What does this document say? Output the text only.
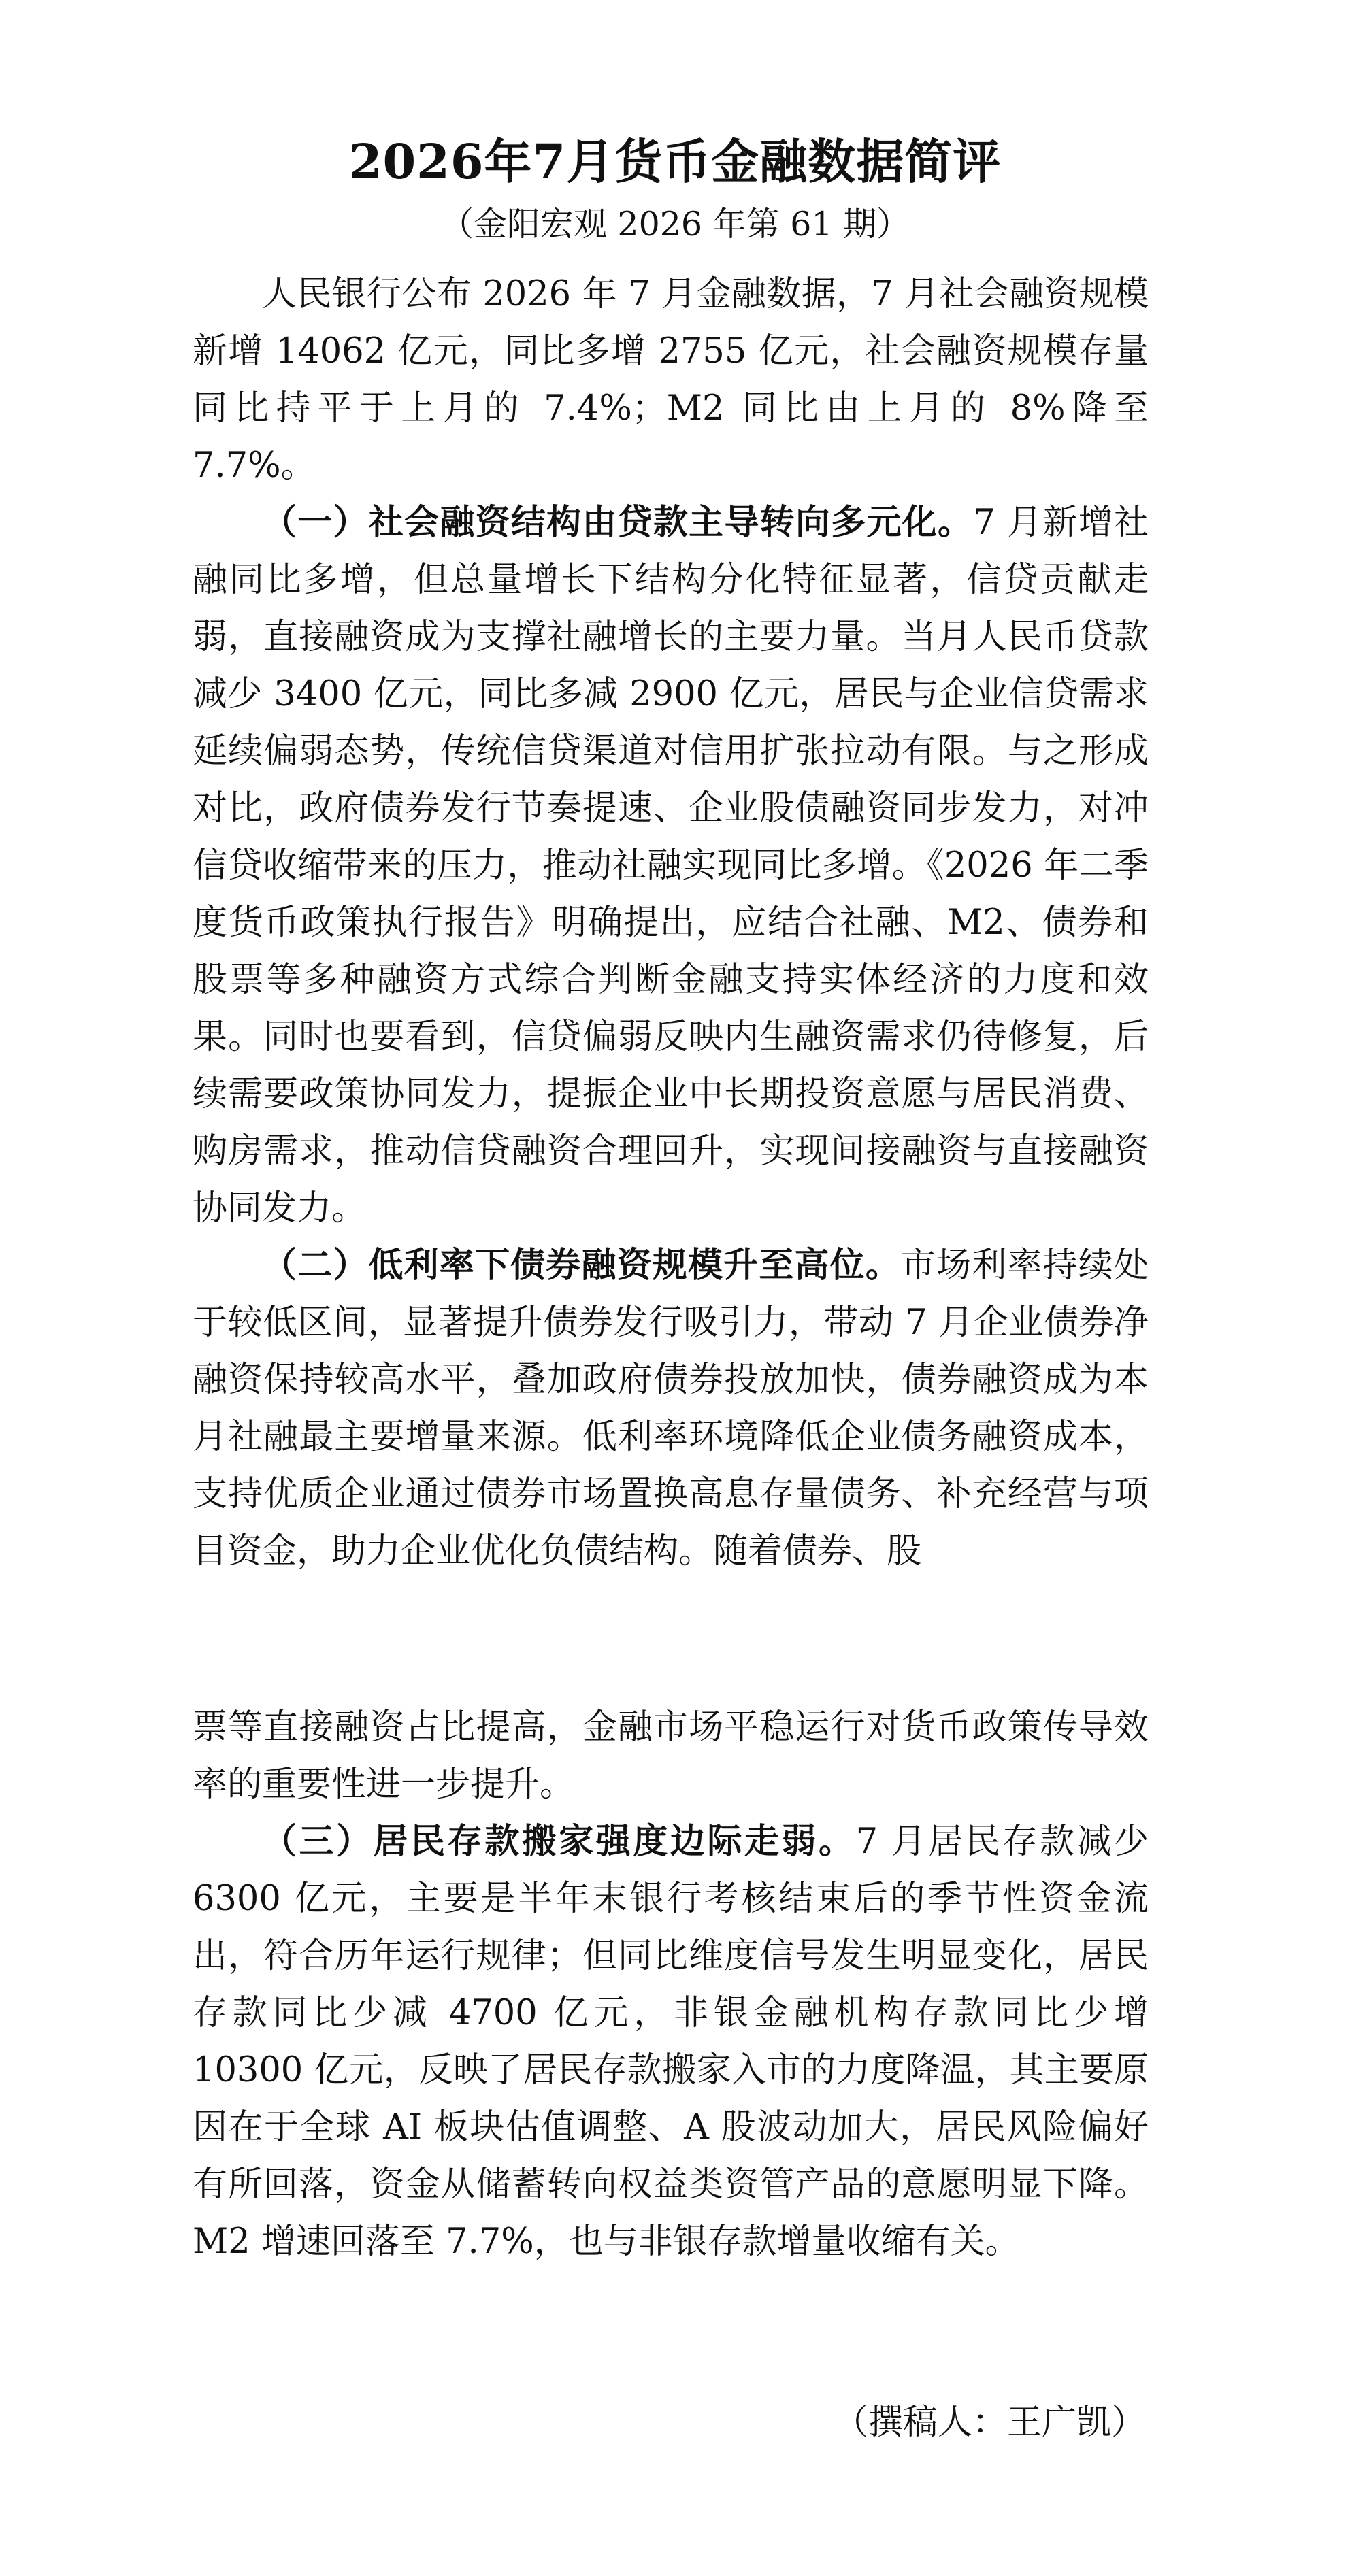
2026年7月货币金融数据简评
（金阳宏观 2026 年第 61 期）

人民银行公布 2026 年 7 月金融数据，7 月社会融资规模新增 14062 亿元，同比多增 2755 亿元，社会融资规模存量同比持平于上月的 7.4%；M2 同比由上月的 8%降至 7.7%。

（一）社会融资结构由贷款主导转向多元化。7 月新增社融同比多增，但总量增长下结构分化特征显著，信贷贡献走弱，直接融资成为支撑社融增长的主要力量。当月人民币贷款减少 3400 亿元，同比多减 2900 亿元，居民与企业信贷需求延续偏弱态势，传统信贷渠道对信用扩张拉动有限。与之形成对比，政府债券发行节奏提速、企业股债融资同步发力，对冲信贷收缩带来的压力，推动社融实现同比多增。《2026 年二季度货币政策执行报告》明确提出，应结合社融、M2、债券和股票等多种融资方式综合判断金融支持实体经济的力度和效果。同时也要看到，信贷偏弱反映内生融资需求仍待修复，后续需要政策协同发力，提振企业中长期投资意愿与居民消费、购房需求，推动信贷融资合理回升，实现间接融资与直接融资协同发力。

（二）低利率下债券融资规模升至高位。市场利率持续处于较低区间，显著提升债券发行吸引力，带动 7 月企业债券净融资保持较高水平，叠加政府债券投放加快，债券融资成为本月社融最主要增量来源。低利率环境降低企业债务融资成本，支持优质企业通过债券市场置换高息存量债务、补充经营与项目资金，助力企业优化负债结构。随着债券、股

票等直接融资占比提高，金融市场平稳运行对货币政策传导效率的重要性进一步提升。

（三）居民存款搬家强度边际走弱。7 月居民存款减少 6300 亿元，主要是半年末银行考核结束后的季节性资金流出，符合历年运行规律；但同比维度信号发生明显变化，居民存款同比少减 4700 亿元，非银金融机构存款同比少增 10300 亿元，反映了居民存款搬家入市的力度降温，其主要原因在于全球 AI 板块估值调整、A 股波动加大，居民风险偏好有所回落，资金从储蓄转向权益类资管产品的意愿明显下降。M2 增速回落至 7.7%，也与非银存款增量收缩有关。

（撰稿人：王广凯）
